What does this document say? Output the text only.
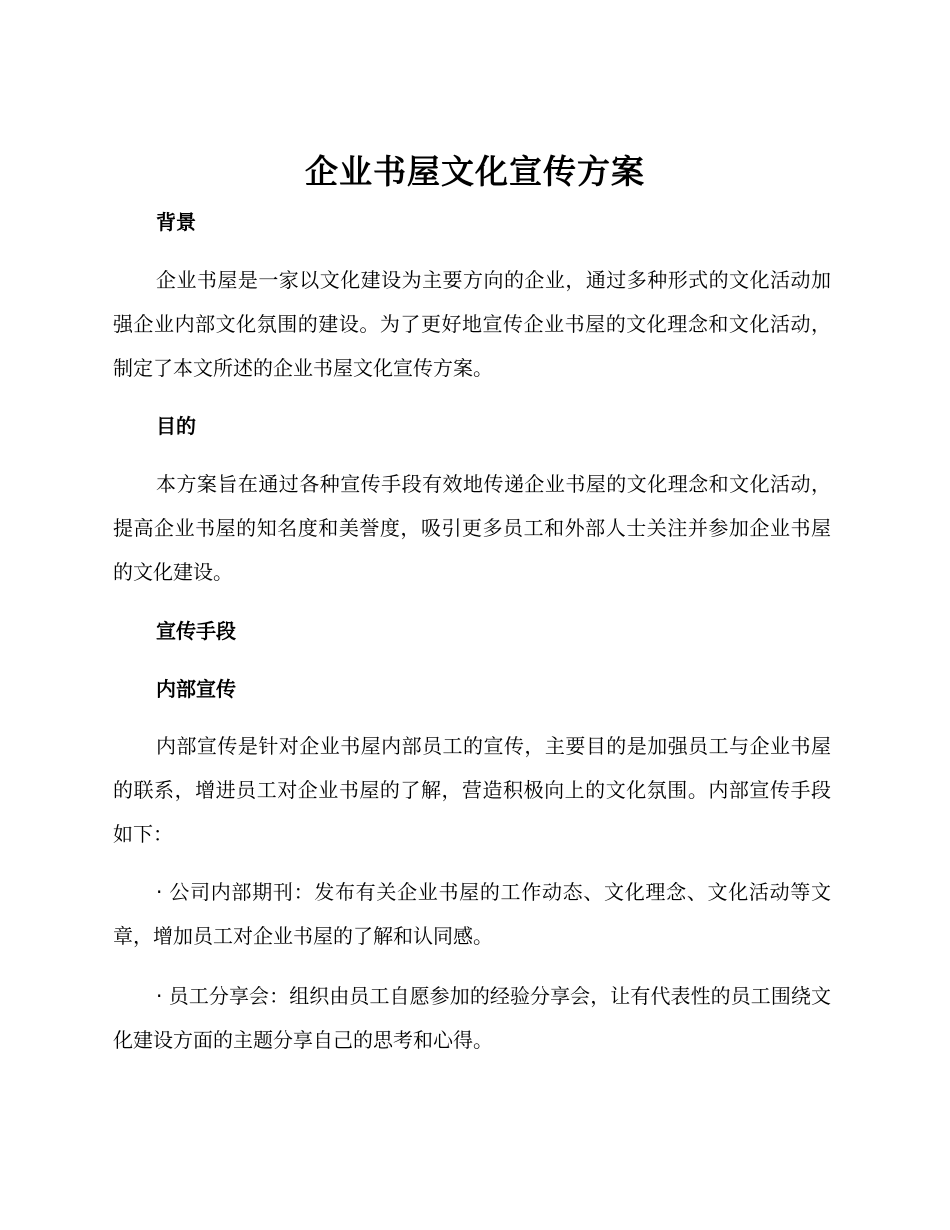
企业书屋文化宣传方案
背景

企业书屋是一家以文化建设为主要方向的企业，通过多种形式的文化活动加强企业内部文化氛围的建设。为了更好地宣传企业书屋的文化理念和文化活动，制定了本文所述的企业书屋文化宣传方案。

目的

本方案旨在通过各种宣传手段有效地传递企业书屋的文化理念和文化活动，提高企业书屋的知名度和美誉度，吸引更多员工和外部人士关注并参加企业书屋的文化建设。

宣传手段
内部宣传

内部宣传是针对企业书屋内部员工的宣传，主要目的是加强员工与企业书屋的联系，增进员工对企业书屋的了解，营造积极向上的文化氛围。内部宣传手段如下：

· 公司内部期刊：发布有关企业书屋的工作动态、文化理念、文化活动等文章，增加员工对企业书屋的了解和认同感。

· 员工分享会：组织由员工自愿参加的经验分享会，让有代表性的员工围绕文化建设方面的主题分享自己的思考和心得。
